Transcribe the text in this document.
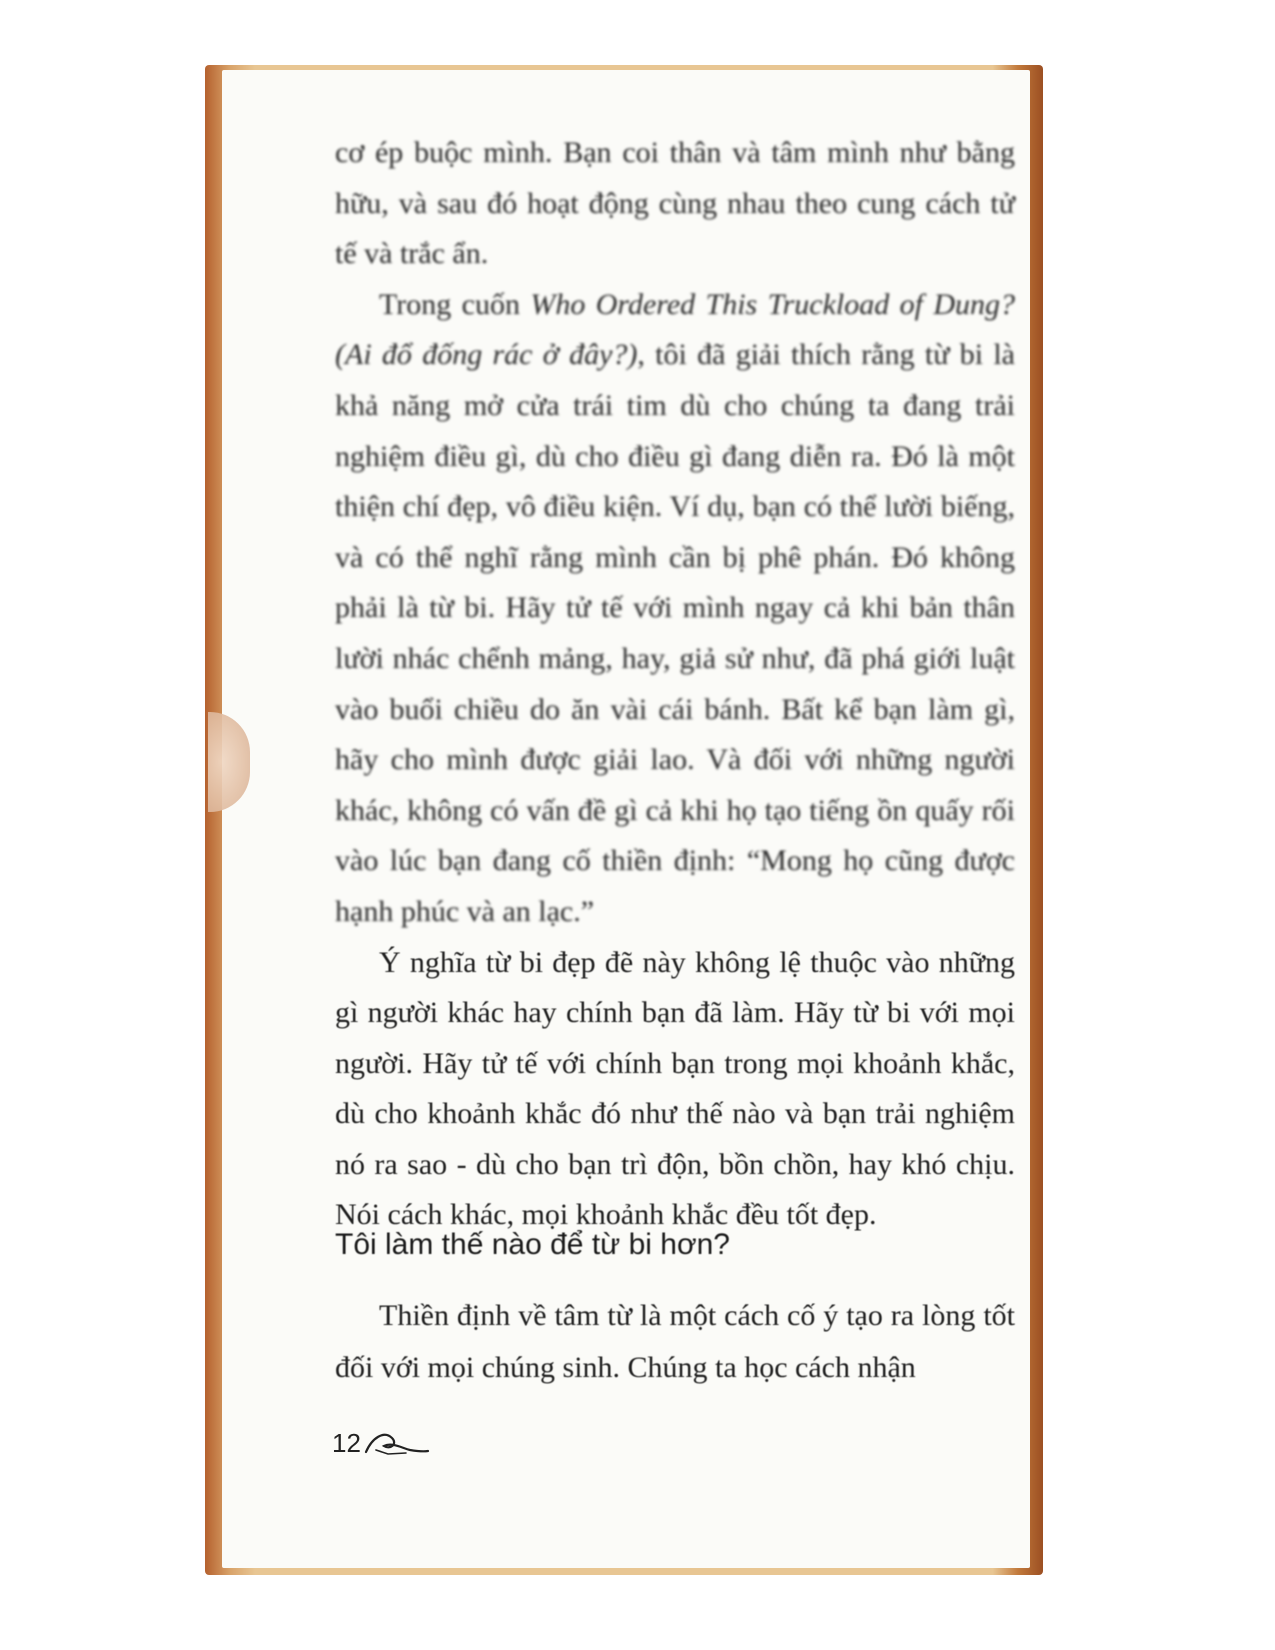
cơ ép buộc mình. Bạn coi thân và tâm mình như bằng hữu, và sau đó hoạt động cùng nhau theo cung cách tử tế và trắc ẩn.

Trong cuốn Who Ordered This Truckload of Dung? (Ai đổ đống rác ở đây?), tôi đã giải thích rằng từ bi là khả năng mở cửa trái tim dù cho chúng ta đang trải nghiệm điều gì, dù cho điều gì đang diễn ra. Đó là một thiện chí đẹp, vô điều kiện. Ví dụ, bạn có thể lười biếng, và có thể nghĩ rằng mình cần bị phê phán. Đó không phải là từ bi. Hãy tử tế với mình ngay cả khi bản thân lười nhác chểnh mảng, hay, giả sử như, đã phá giới luật vào buổi chiều do ăn vài cái bánh. Bất kể bạn làm gì, hãy cho mình được giải lao. Và đối với những người khác, không có vấn đề gì cả khi họ tạo tiếng ồn quấy rối vào lúc bạn đang cố thiền định: “Mong họ cũng được hạnh phúc và an lạc.”

Ý nghĩa từ bi đẹp đẽ này không lệ thuộc vào những gì người khác hay chính bạn đã làm. Hãy từ bi với mọi người. Hãy tử tế với chính bạn trong mọi khoảnh khắc, dù cho khoảnh khắc đó như thế nào và bạn trải nghiệm nó ra sao - dù cho bạn trì độn, bồn chồn, hay khó chịu. Nói cách khác, mọi khoảnh khắc đều tốt đẹp.

Tôi làm thế nào để từ bi hơn?

Thiền định về tâm từ là một cách cố ý tạo ra lòng tốt đối với mọi chúng sinh. Chúng ta học cách nhận

12
